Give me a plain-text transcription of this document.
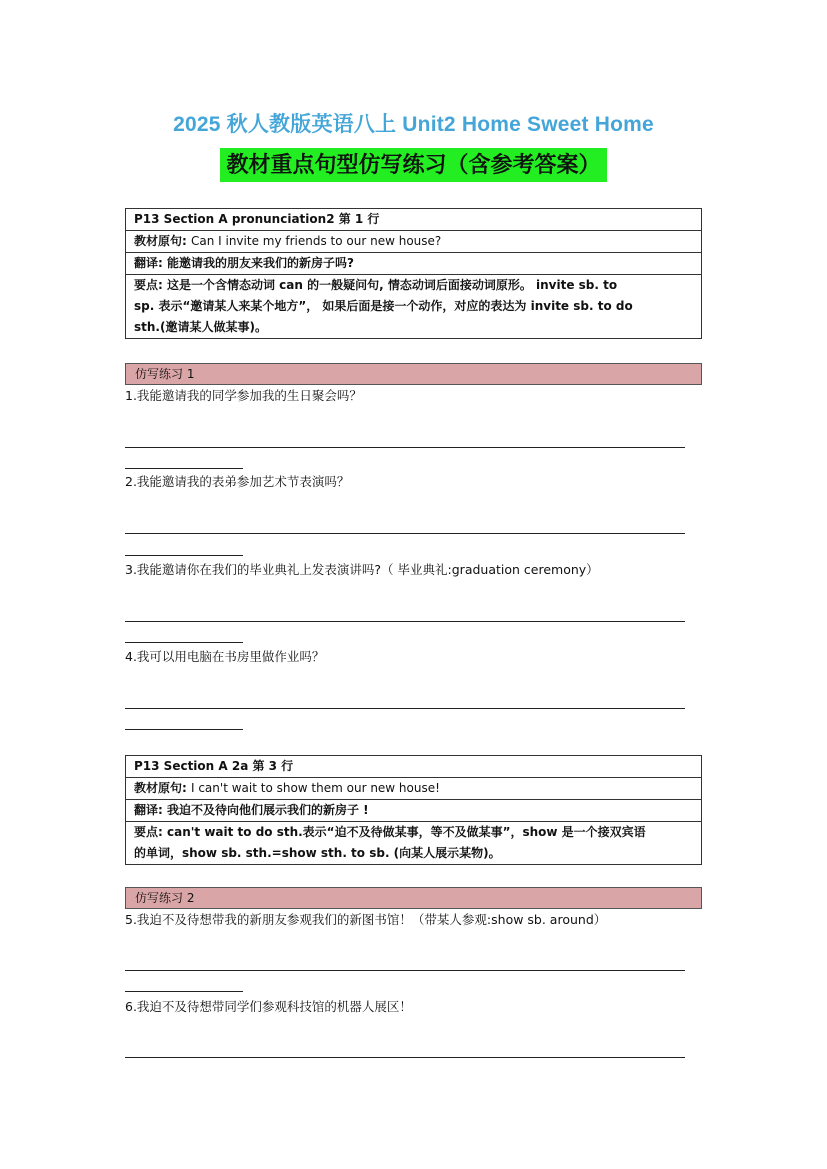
2025 秋人教版英语八上 Unit2 Home Sweet Home
教材重点句型仿写练习（含参考答案）
P13 Section A pronunciation2 第 1 行
教材原句: Can I invite my friends to our new house?
翻译: 能邀请我的朋友来我们的新房子吗?
要点: 这是一个含情态动词 can 的一般疑问句, 情态动词后面接动词原形。 invite sb. to
sp. 表示“邀请某人来某个地方”， 如果后面是接一个动作，对应的表达为 invite sb. to do
sth.(邀请某人做某事)。
仿写练习 1
1.我能邀请我的同学参加我的生日聚会吗？
2.我能邀请我的表弟参加艺术节表演吗？
3.我能邀请你在我们的毕业典礼上发表演讲吗?（ 毕业典礼:graduation ceremony）
4.我可以用电脑在书房里做作业吗？
P13 Section A 2a 第 3 行
教材原句: I can't wait to show them our new house!
翻译: 我迫不及待向他们展示我们的新房子 !
要点: can't wait to do sth.表示“迫不及待做某事，等不及做某事”，show 是一个接双宾语
的单词，show sb. sth.=show sth. to sb. (向某人展示某物)。
仿写练习 2
5.我迫不及待想带我的新朋友参观我们的新图书馆！（带某人参观:show sb. around）
6.我迫不及待想带同学们参观科技馆的机器人展区！
